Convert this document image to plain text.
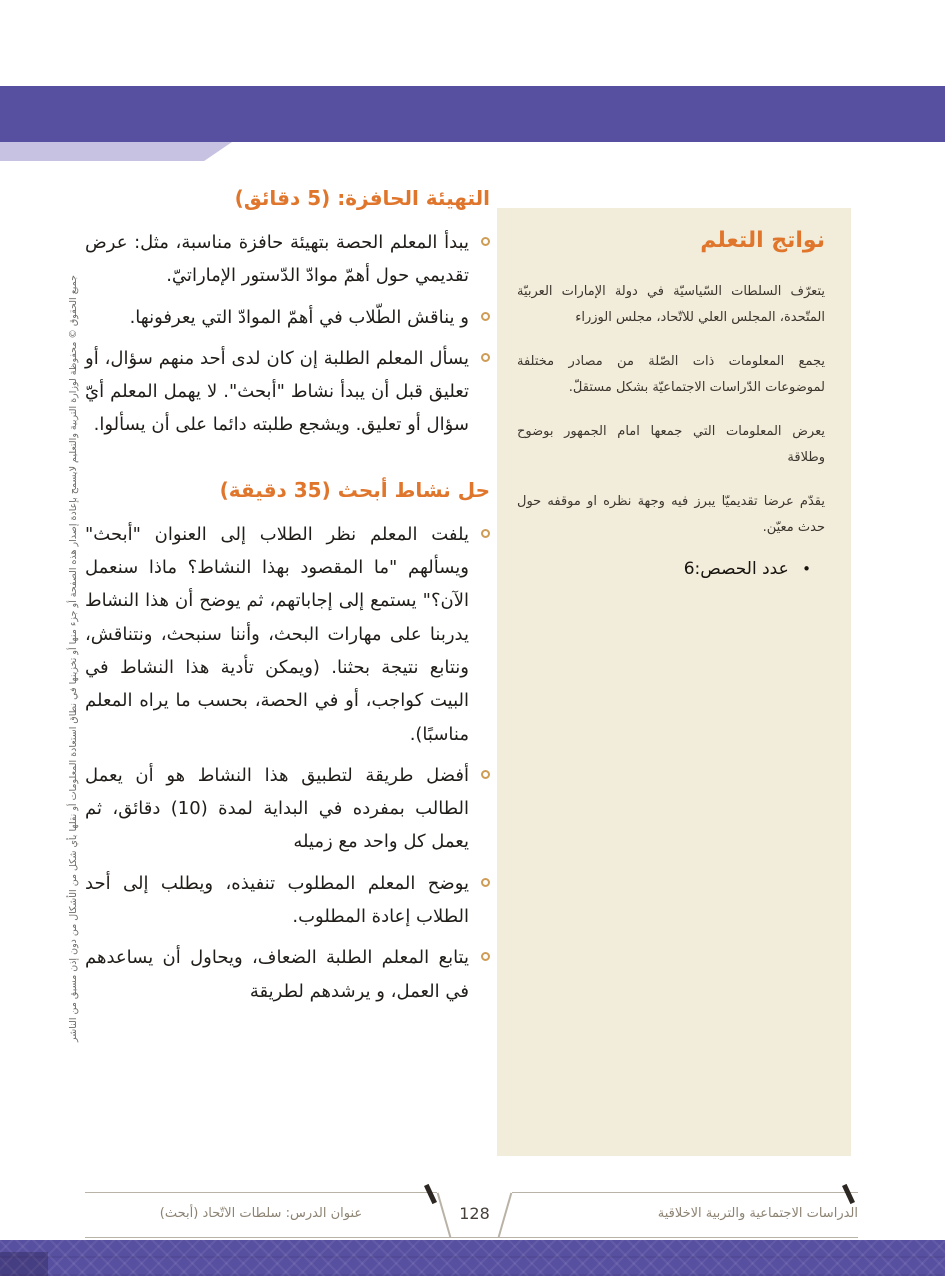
جميع الحقوق © محفوظة لوزارة التربية والتعليم لايسمح بإعادة إصدار هذه الصفحة أو جزء منها أو تخزينها في نطاق استعادة المعلومات أو نقلها بأي شكل من الأشكال من دون إذن مسبق من الناشر
التهيئة الحافزة: (5 دقائق)

يبدأ المعلم الحصة بتهيئة حافزة مناسبة، مثل: عرض تقديمي حول أهمّ موادّ الدّستور الإماراتيّ.

و يناقش الطّلاب في أهمّ الموادّ التي يعرفونها.

يسأل المعلم الطلبة إن كان لدى أحد منهم سؤال، أو تعليق قبل أن يبدأ نشاط "أبحث". لا يهمل المعلم أيّ سؤال أو تعليق. ويشجع طلبته دائما على أن يسألوا.

حل نشاط أبحث (35 دقيقة)

يلفت المعلم نظر الطلاب إلى العنوان "أبحث" ويسألهم "ما المقصود بهذا النشاط؟ ماذا سنعمل الآن؟" يستمع إلى إجاباتهم، ثم يوضح أن هذا النشاط يدربنا على مهارات البحث، وأننا سنبحث، ونتناقش، ونتابع نتيجة بحثنا. (ويمكن تأدية هذا النشاط في البيت كواجب، أو في الحصة، بحسب ما يراه المعلم مناسبًا).

أفضل طريقة لتطبيق هذا النشاط هو أن يعمل الطالب بمفرده في البداية لمدة (10) دقائق، ثم يعمل كل واحد مع زميله

يوضح المعلم المطلوب تنفيذه، ويطلب إلى أحد الطلاب إعادة المطلوب.

يتابع المعلم الطلبة الضعاف، ويحاول أن يساعدهم في العمل، و يرشدهم لطريقة

نواتج التعلم

يتعرّف السلطات السّياسيّة في دولة الإمارات العربيّة المتّحدة، المجلس العلي للاتّحاد، مجلس الوزراء

يجمع المعلومات ذات الصّلة من مصادر مختلفة لموضوعات الدّراسات الاجتماعيّة بشكل مستقلّ.

يعرض المعلومات التي جمعها امام الجمهور بوضوح وطلاقة

يقدّم عرضا تقديميّا يبرز فيه وجهة نظره او موقفه حول حدث معيّن.

• عدد الحصص:6

عنوان الدرس: سلطات الاتّحاد (أبحث)	128	الدراسات الاجتماعية والتربية الاخلاقية
